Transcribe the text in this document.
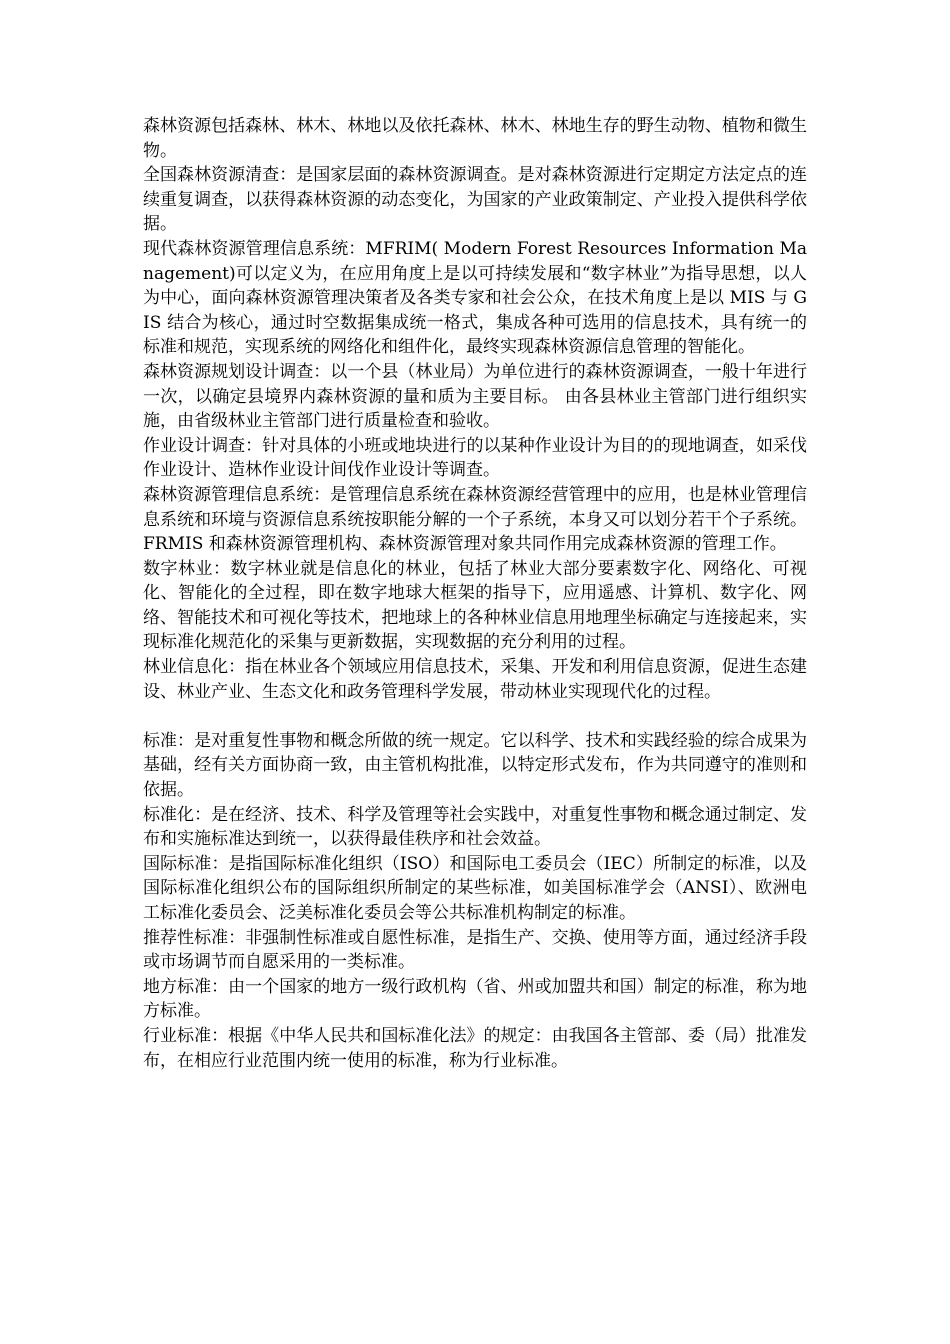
森林资源包括森林、林木、林地以及依托森林、林木、林地生存的野生动物、植物和微生物。

全国森林资源清查：是国家层面的森林资源调查。是对森林资源进行定期定方法定点的连续重复调查，以获得森林资源的动态变化，为国家的产业政策制定、产业投入提供科学依据。

现代森林资源管理信息系统：MFRIM( Modern Forest Resources Information Management)可以定义为，在应用角度上是以可持续发展和“数字林业”为指导思想，以人为中心，面向森林资源管理决策者及各类专家和社会公众，在技术角度上是以 MIS 与 GIS 结合为核心，通过时空数据集成统一格式，集成各种可选用的信息技术，具有统一的标准和规范，实现系统的网络化和组件化，最终实现森林资源信息管理的智能化。

森林资源规划设计调查：以一个县（林业局）为单位进行的森林资源调查，一般十年进行一次，以确定县境界内森林资源的量和质为主要目标。 由各县林业主管部门进行组织实施，由省级林业主管部门进行质量检查和验收。

作业设计调查：针对具体的小班或地块进行的以某种作业设计为目的的现地调查，如采伐作业设计、造林作业设计间伐作业设计等调查。

森林资源管理信息系统：是管理信息系统在森林资源经营管理中的应用，也是林业管理信息系统和环境与资源信息系统按职能分解的一个子系统，本身又可以划分若干个子系统。FRMIS 和森林资源管理机构、森林资源管理对象共同作用完成森林资源的管理工作。

数字林业：数字林业就是信息化的林业，包括了林业大部分要素数字化、网络化、可视化、智能化的全过程，即在数字地球大框架的指导下，应用遥感、计算机、数字化、网络、智能技术和可视化等技术，把地球上的各种林业信息用地理坐标确定与连接起来，实现标准化规范化的采集与更新数据，实现数据的充分利用的过程。

林业信息化：指在林业各个领域应用信息技术，采集、开发和利用信息资源，促进生态建设、林业产业、生态文化和政务管理科学发展，带动林业实现现代化的过程。

标准：是对重复性事物和概念所做的统一规定。它以科学、技术和实践经验的综合成果为基础，经有关方面协商一致，由主管机构批准，以特定形式发布，作为共同遵守的准则和依据。

标准化：是在经济、技术、科学及管理等社会实践中，对重复性事物和概念通过制定、发布和实施标准达到统一，以获得最佳秩序和社会效益。

国际标准：是指国际标准化组织（ISO）和国际电工委员会（IEC）所制定的标准，以及国际标准化组织公布的国际组织所制定的某些标准，如美国标准学会（ANSI）、欧洲电工标准化委员会、泛美标准化委员会等公共标准机构制定的标准。

推荐性标准：非强制性标准或自愿性标准，是指生产、交换、使用等方面，通过经济手段或市场调节而自愿采用的一类标准。

地方标准：由一个国家的地方一级行政机构（省、州或加盟共和国）制定的标准，称为地方标准。

行业标准：根据《中华人民共和国标准化法》的规定：由我国各主管部、委（局）批准发布，在相应行业范围内统一使用的标准，称为行业标准。
